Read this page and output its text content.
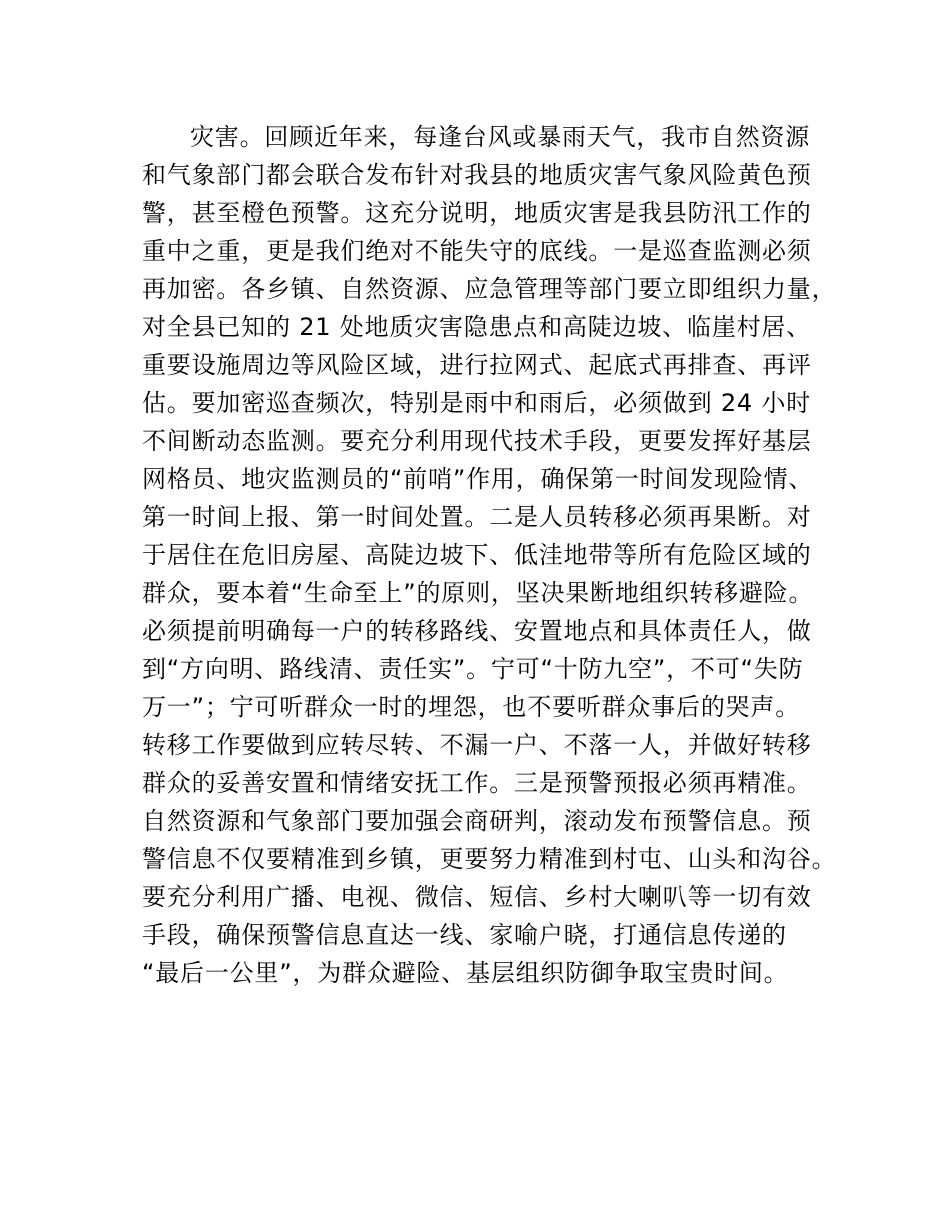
灾害。回顾近年来，每逢台风或暴雨天气，我市自然资源
和气象部门都会联合发布针对我县的地质灾害气象风险黄色预
警，甚至橙色预警。这充分说明，地质灾害是我县防汛工作的
重中之重，更是我们绝对不能失守的底线。一是巡查监测必须
再加密。各乡镇、自然资源、应急管理等部门要立即组织力量，
对全县已知的 21 处地质灾害隐患点和高陡边坡、临崖村居、
重要设施周边等风险区域，进行拉网式、起底式再排查、再评
估。要加密巡查频次，特别是雨中和雨后，必须做到 24 小时
不间断动态监测。要充分利用现代技术手段，更要发挥好基层
网格员、地灾监测员的“前哨”作用，确保第一时间发现险情、
第一时间上报、第一时间处置。二是人员转移必须再果断。对
于居住在危旧房屋、高陡边坡下、低洼地带等所有危险区域的
群众，要本着“生命至上”的原则，坚决果断地组织转移避险。
必须提前明确每一户的转移路线、安置地点和具体责任人，做
到“方向明、路线清、责任实”。宁可“十防九空”，不可“失防
万一”；宁可听群众一时的埋怨，也不要听群众事后的哭声。
转移工作要做到应转尽转、不漏一户、不落一人，并做好转移
群众的妥善安置和情绪安抚工作。三是预警预报必须再精准。
自然资源和气象部门要加强会商研判，滚动发布预警信息。预
警信息不仅要精准到乡镇，更要努力精准到村屯、山头和沟谷。
要充分利用广播、电视、微信、短信、乡村大喇叭等一切有效
手段，确保预警信息直达一线、家喻户晓，打通信息传递的
“最后一公里”，为群众避险、基层组织防御争取宝贵时间。
